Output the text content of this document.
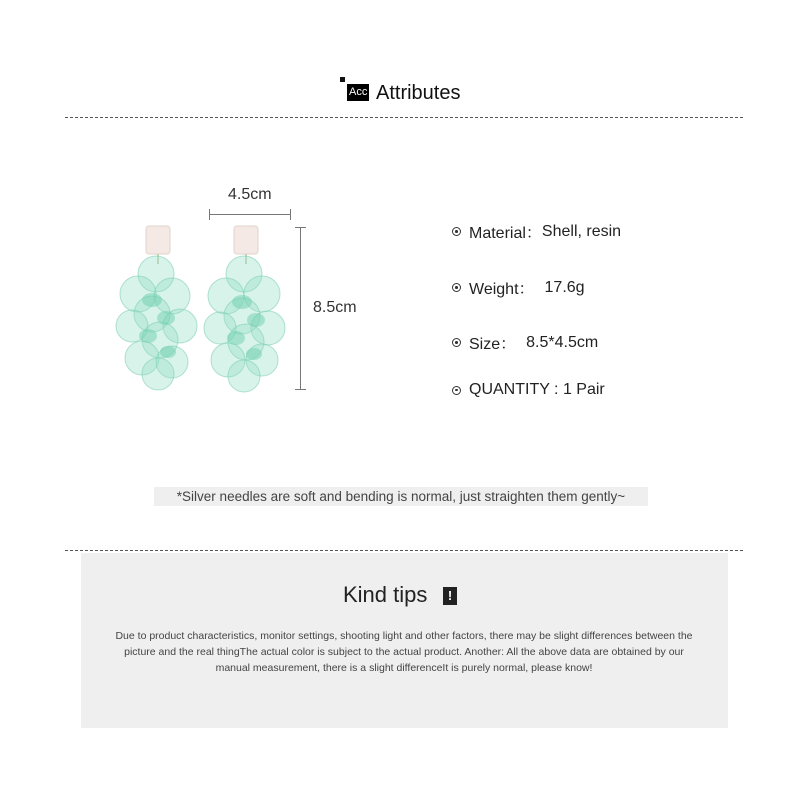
Acc Attributes
4.5cm
8.5cm
Material： Shell, resin
Weight： 17.6g
Size： 8.5*4.5cm
QUANTITY : 1 Pair
*Silver needles are soft and bending is normal, just straighten them gently~
Kind tips	!
Due to product characteristics, monitor settings, shooting light and other factors, there may be slight differences between the picture and the real thingThe actual color is subject to the actual product. Another: All the above data are obtained by our manual measurement, there is a slight differenceIt is purely normal, please know!
